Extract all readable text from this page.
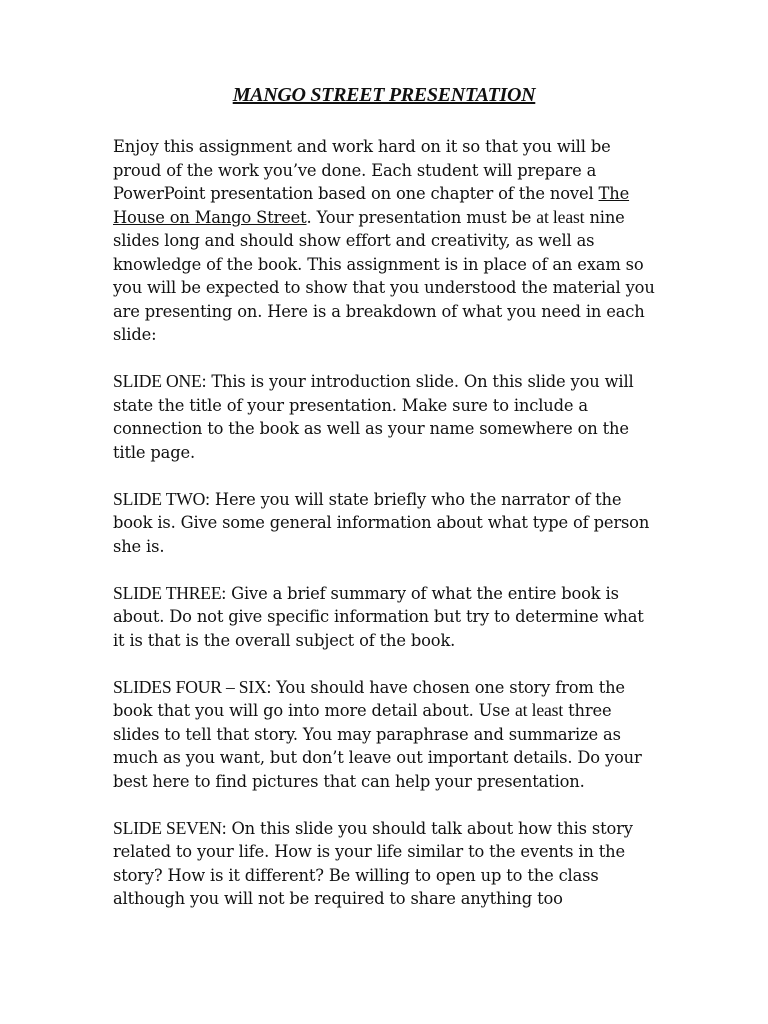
MANGO STREET PRESENTATION

Enjoy this assignment and work hard on it so that you will be proud of the work you’ve done. Each student will prepare a PowerPoint presentation based on one chapter of the novel The House on Mango Street. Your presentation must be at least nine slides long and should show effort and creativity, as well as knowledge of the book. This assignment is in place of an exam so you will be expected to show that you understood the material you are presenting on. Here is a breakdown of what you need in each slide:

SLIDE ONE: This is your introduction slide. On this slide you will state the title of your presentation. Make sure to include a connection to the book as well as your name somewhere on the title page.

SLIDE TWO: Here you will state briefly who the narrator of the book is. Give some general information about what type of person she is.

SLIDE THREE: Give a brief summary of what the entire book is about. Do not give specific information but try to determine what it is that is the overall subject of the book.

SLIDES FOUR – SIX: You should have chosen one story from the book that you will go into more detail about. Use at least three slides to tell that story. You may paraphrase and summarize as much as you want, but don’t leave out important details. Do your best here to find pictures that can help your presentation.

SLIDE SEVEN: On this slide you should talk about how this story related to your life. How is your life similar to the events in the story? How is it different? Be willing to open up to the class although you will not be required to share anything too
